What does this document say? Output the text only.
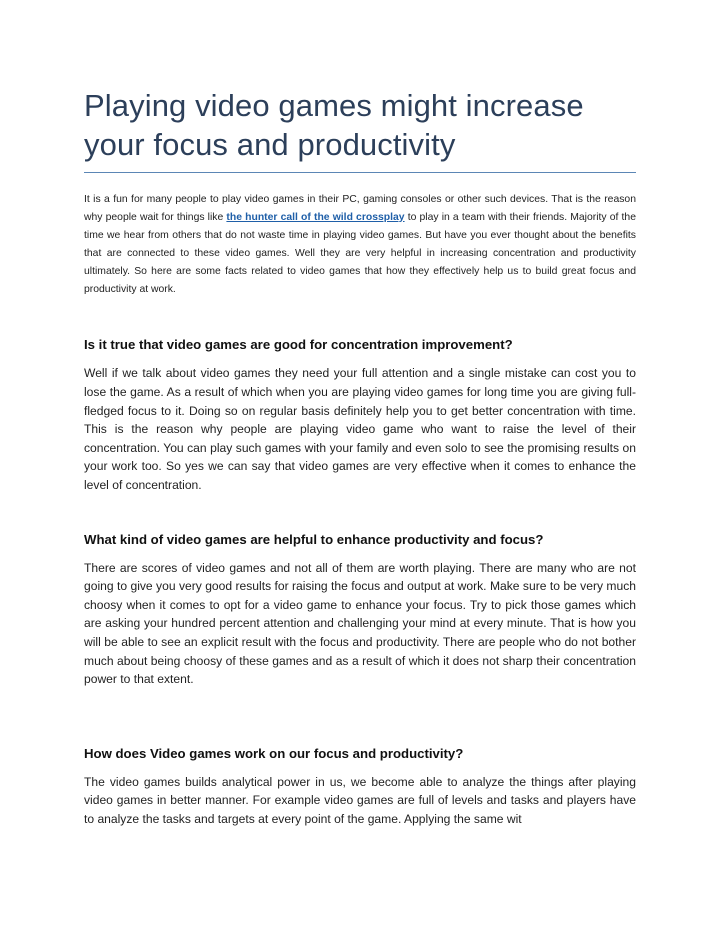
Playing video games might increase your focus and productivity

It is a fun for many people to play video games in their PC, gaming consoles or other such devices. That is the reason why people wait for things like the hunter call of the wild crossplay to play in a team with their friends. Majority of the time we hear from others that do not waste time in playing video games. But have you ever thought about the benefits that are connected to these video games. Well they are very helpful in increasing concentration and productivity ultimately. So here are some facts related to video games that how they effectively help us to build great focus and productivity at work.

Is it true that video games are good for concentration improvement?

Well if we talk about video games they need your full attention and a single mistake can cost you to lose the game. As a result of which when you are playing video games for long time you are giving full-fledged focus to it. Doing so on regular basis definitely help you to get better concentration with time. This is the reason why people are playing video game who want to raise the level of their concentration. You can play such games with your family and even solo to see the promising results on your work too. So yes we can say that video games are very effective when it comes to enhance the level of concentration.

What kind of video games are helpful to enhance productivity and focus?

There are scores of video games and not all of them are worth playing. There are many who are not going to give you very good results for raising the focus and output at work. Make sure to be very much choosy when it comes to opt for a video game to enhance your focus. Try to pick those games which are asking your hundred percent attention and challenging your mind at every minute. That is how you will be able to see an explicit result with the focus and productivity. There are people who do not bother much about being choosy of these games and as a result of which it does not sharp their concentration power to that extent.

How does Video games work on our focus and productivity?

The video games builds analytical power in us, we become able to analyze the things after playing video games in better manner. For example video games are full of levels and tasks and players have to analyze the tasks and targets at every point of the game. Applying the same wit
